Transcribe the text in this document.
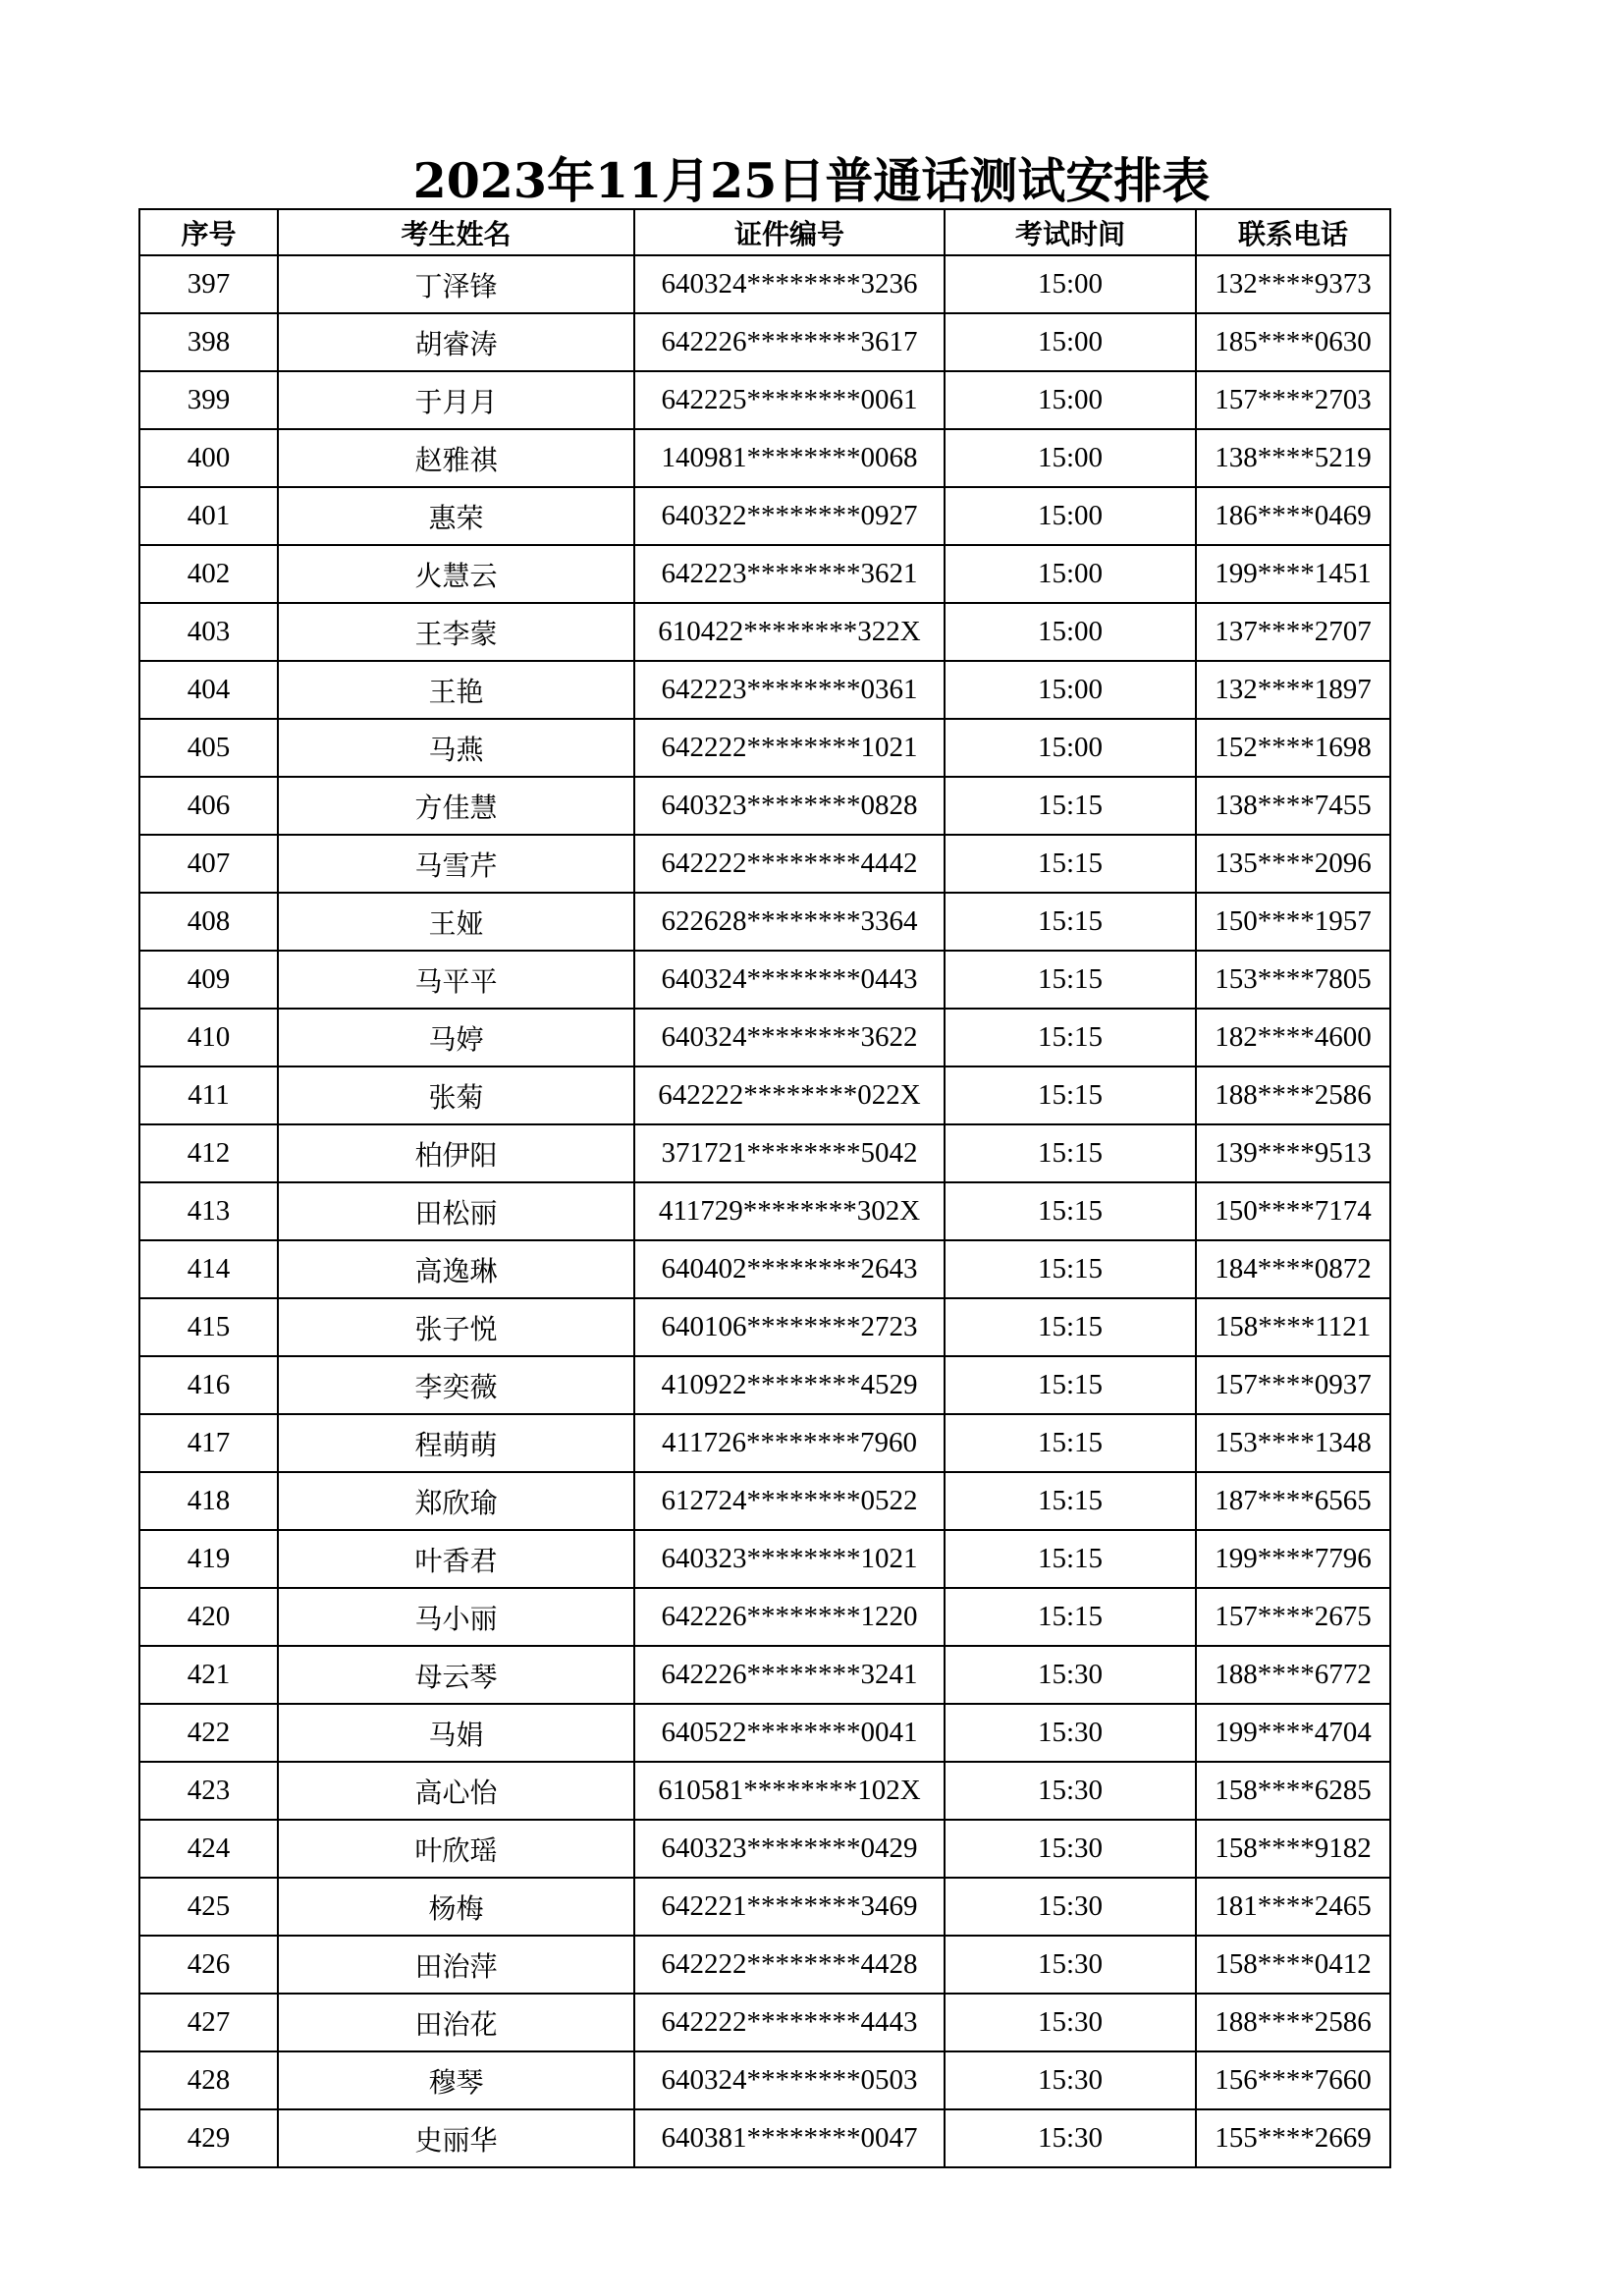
2023年11月25日普通话测试安排表
序号	考生姓名	证件编号	考试时间	联系电话
397	丁泽锋	640324********3236	15:00	132****9373
398	胡睿涛	642226********3617	15:00	185****0630
399	于月月	642225********0061	15:00	157****2703
400	赵雅祺	140981********0068	15:00	138****5219
401	惠荣	640322********0927	15:00	186****0469
402	火慧云	642223********3621	15:00	199****1451
403	王李蒙	610422********322X	15:00	137****2707
404	王艳	642223********0361	15:00	132****1897
405	马燕	642222********1021	15:00	152****1698
406	方佳慧	640323********0828	15:15	138****7455
407	马雪芹	642222********4442	15:15	135****2096
408	王娅	622628********3364	15:15	150****1957
409	马平平	640324********0443	15:15	153****7805
410	马婷	640324********3622	15:15	182****4600
411	张菊	642222********022X	15:15	188****2586
412	柏伊阳	371721********5042	15:15	139****9513
413	田松丽	411729********302X	15:15	150****7174
414	高逸琳	640402********2643	15:15	184****0872
415	张子悦	640106********2723	15:15	158****1121
416	李奕薇	410922********4529	15:15	157****0937
417	程萌萌	411726********7960	15:15	153****1348
418	郑欣瑜	612724********0522	15:15	187****6565
419	叶香君	640323********1021	15:15	199****7796
420	马小丽	642226********1220	15:15	157****2675
421	母云琴	642226********3241	15:30	188****6772
422	马娟	640522********0041	15:30	199****4704
423	高心怡	610581********102X	15:30	158****6285
424	叶欣瑶	640323********0429	15:30	158****9182
425	杨梅	642221********3469	15:30	181****2465
426	田治萍	642222********4428	15:30	158****0412
427	田治花	642222********4443	15:30	188****2586
428	穆琴	640324********0503	15:30	156****7660
429	史丽华	640381********0047	15:30	155****2669
